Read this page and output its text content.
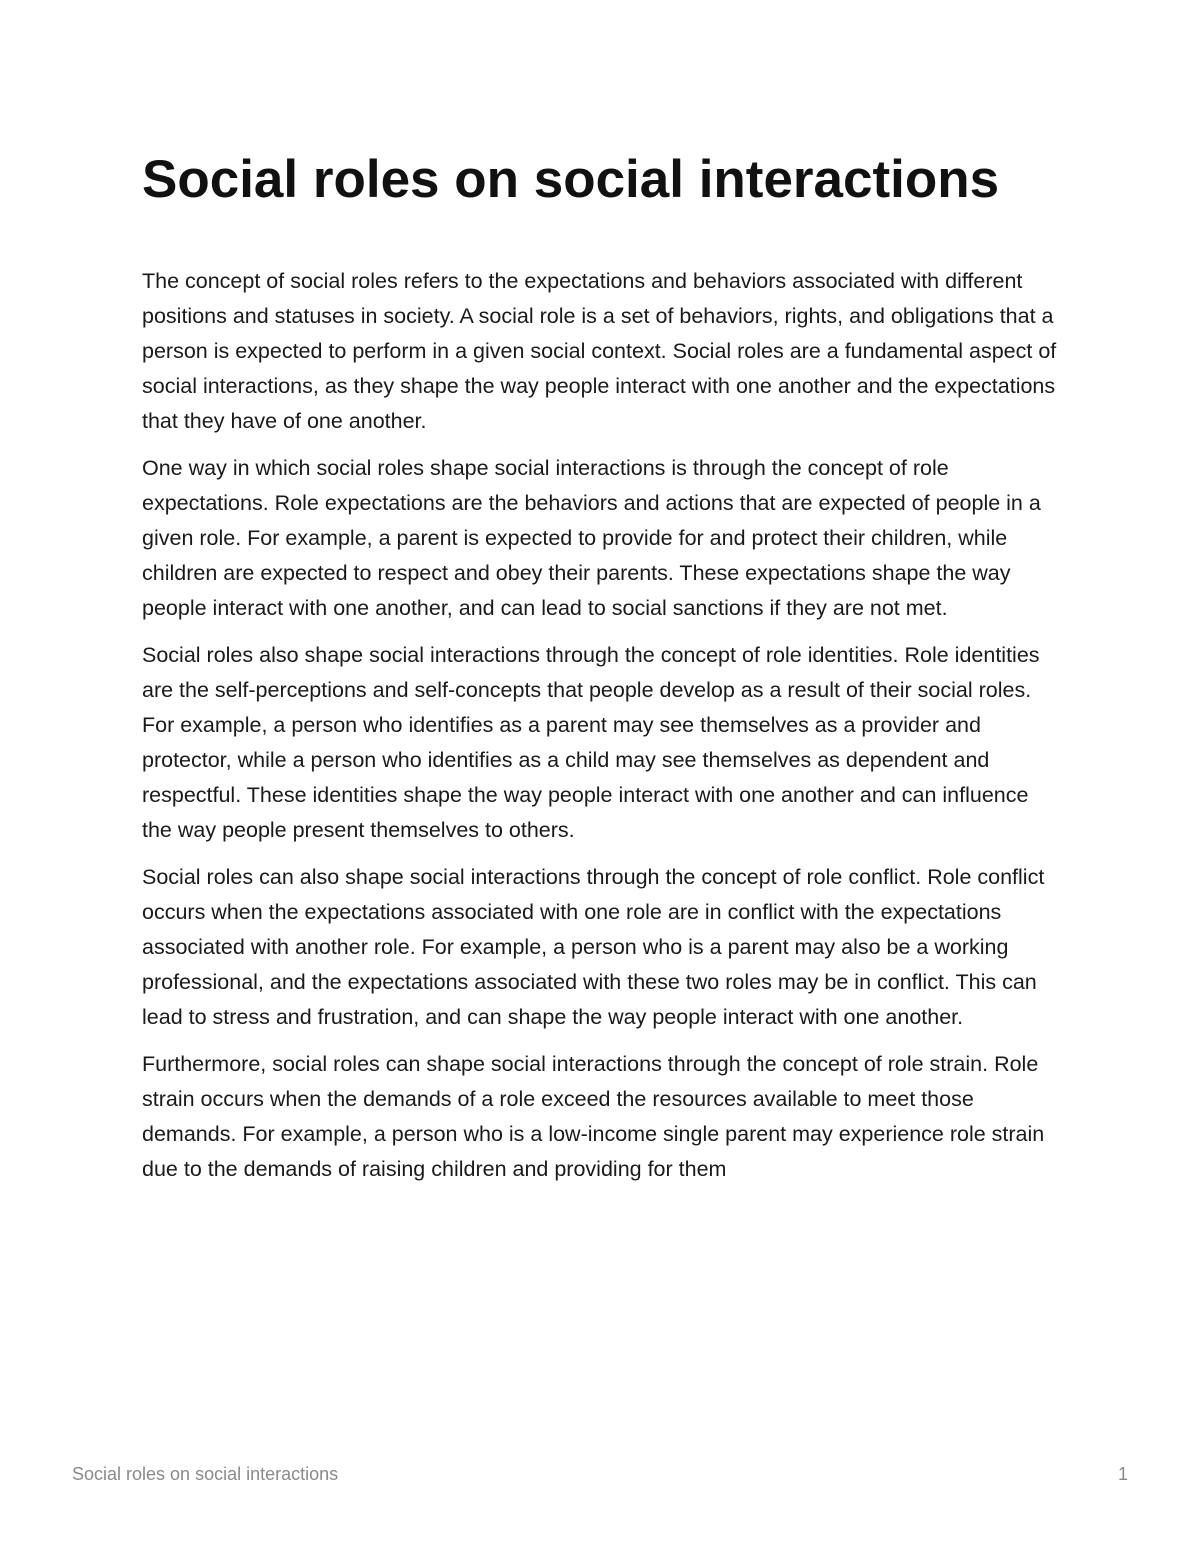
Social roles on social interactions

The concept of social roles refers to the expectations and behaviors associated with different positions and statuses in society. A social role is a set of behaviors, rights, and obligations that a person is expected to perform in a given social context. Social roles are a fundamental aspect of social interactions, as they shape the way people interact with one another and the expectations that they have of one another.

One way in which social roles shape social interactions is through the concept of role expectations. Role expectations are the behaviors and actions that are expected of people in a given role. For example, a parent is expected to provide for and protect their children, while children are expected to respect and obey their parents. These expectations shape the way people interact with one another, and can lead to social sanctions if they are not met.

Social roles also shape social interactions through the concept of role identities. Role identities are the self-perceptions and self-concepts that people develop as a result of their social roles. For example, a person who identifies as a parent may see themselves as a provider and protector, while a person who identifies as a child may see themselves as dependent and respectful. These identities shape the way people interact with one another and can influence the way people present themselves to others.

Social roles can also shape social interactions through the concept of role conflict. Role conflict occurs when the expectations associated with one role are in conflict with the expectations associated with another role. For example, a person who is a parent may also be a working professional, and the expectations associated with these two roles may be in conflict. This can lead to stress and frustration, and can shape the way people interact with one another.

Furthermore, social roles can shape social interactions through the concept of role strain. Role strain occurs when the demands of a role exceed the resources available to meet those demands. For example, a person who is a low-income single parent may experience role strain due to the demands of raising children and providing for them

Social roles on social interactions	1
